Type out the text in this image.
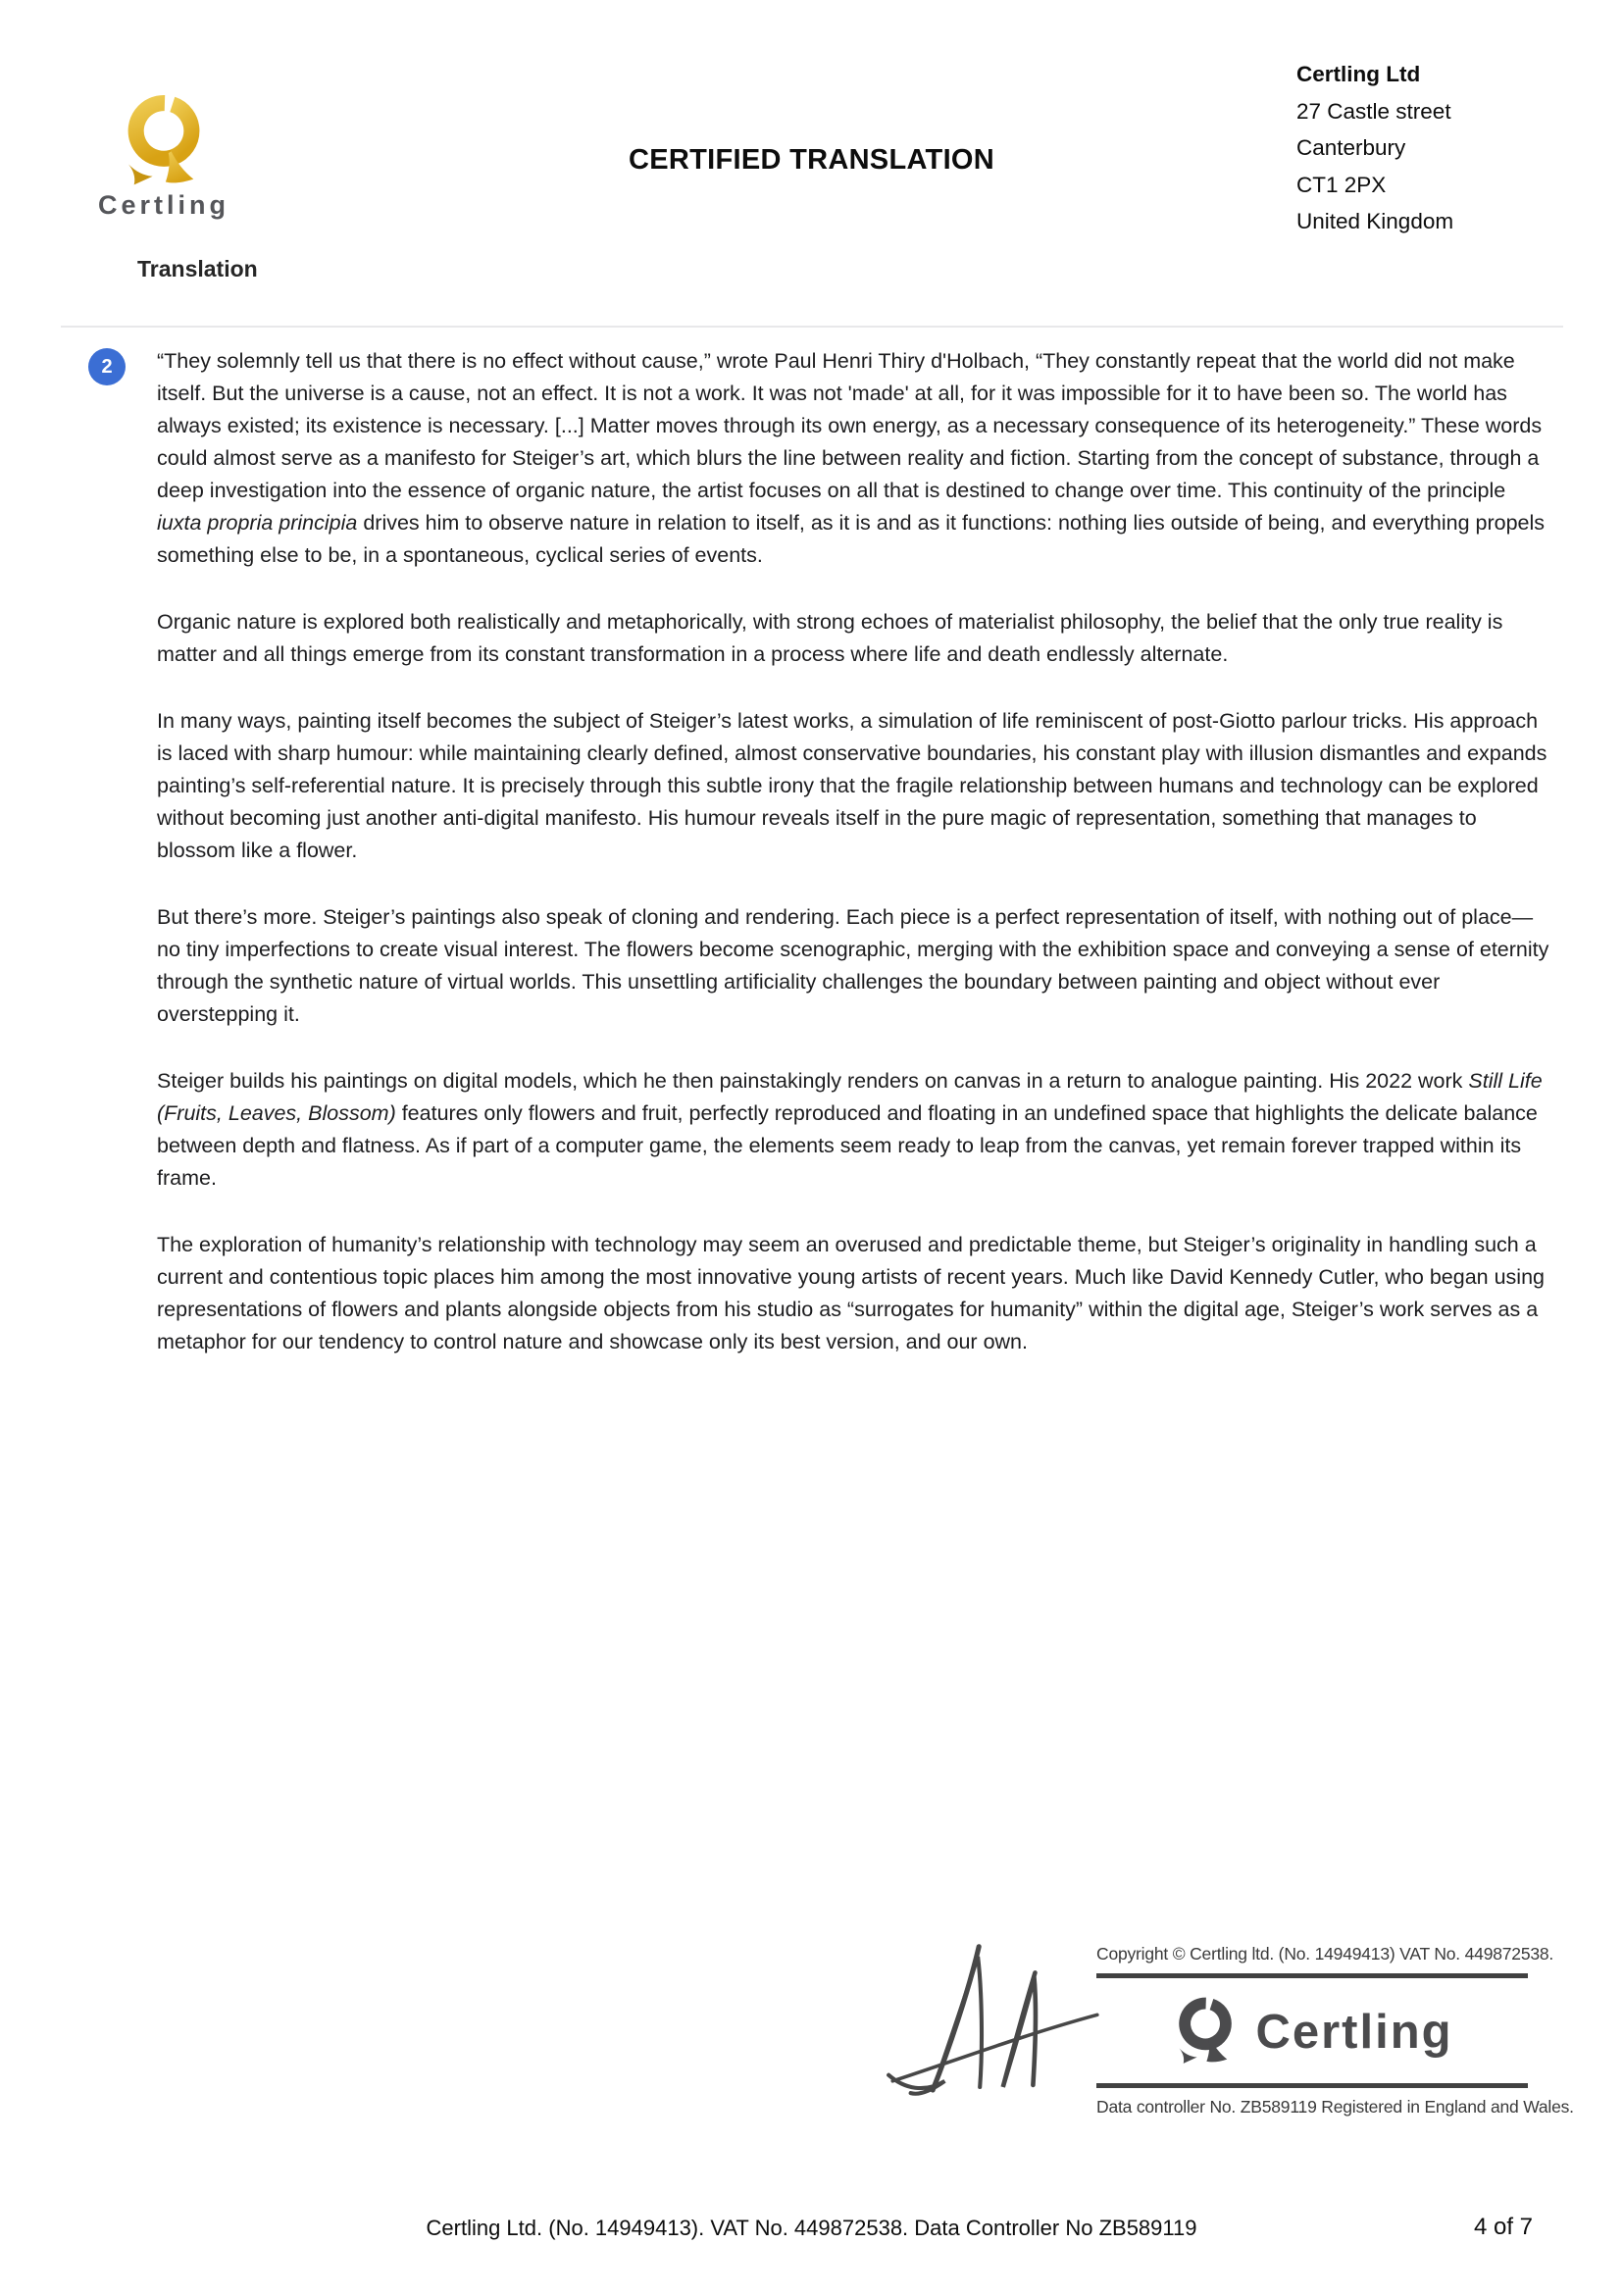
Certling
Translation
CERTIFIED TRANSLATION
Certling Ltd
27 Castle street
Canterbury
CT1 2PX
United Kingdom
2	“They solemnly tell us that there is no effect without cause,” wrote Paul Henri Thiry d'Holbach, “They constantly repeat that the world did not make itself. But the universe is a cause, not an effect. It is not a work. It was not 'made' at all, for it was impossible for it to have been so. The world has always existed; its existence is necessary. [...] Matter moves through its own energy, as a necessary consequence of its heterogeneity.” These words could almost serve as a manifesto for Steiger’s art, which blurs the line between reality and fiction. Starting from the concept of substance, through a deep investigation into the essence of organic nature, the artist focuses on all that is destined to change over time. This continuity of the principle iuxta propria principia drives him to observe nature in relation to itself, as it is and as it functions: nothing lies outside of being, and everything propels something else to be, in a spontaneous, cyclical series of events.

Organic nature is explored both realistically and metaphorically, with strong echoes of materialist philosophy, the belief that the only true reality is matter and all things emerge from its constant transformation in a process where life and death endlessly alternate.

In many ways, painting itself becomes the subject of Steiger’s latest works, a simulation of life reminiscent of post-Giotto parlour tricks. His approach is laced with sharp humour: while maintaining clearly defined, almost conservative boundaries, his constant play with illusion dismantles and expands painting’s self-referential nature. It is precisely through this subtle irony that the fragile relationship between humans and technology can be explored without becoming just another anti-digital manifesto. His humour reveals itself in the pure magic of representation, something that manages to blossom like a flower.

But there’s more. Steiger’s paintings also speak of cloning and rendering. Each piece is a perfect representation of itself, with nothing out of place—no tiny imperfections to create visual interest. The flowers become scenographic, merging with the exhibition space and conveying a sense of eternity through the synthetic nature of virtual worlds. This unsettling artificiality challenges the boundary between painting and object without ever overstepping it.

Steiger builds his paintings on digital models, which he then painstakingly renders on canvas in a return to analogue painting. His 2022 work Still Life (Fruits, Leaves, Blossom) features only flowers and fruit, perfectly reproduced and floating in an undefined space that highlights the delicate balance between depth and flatness. As if part of a computer game, the elements seem ready to leap from the canvas, yet remain forever trapped within its frame.

The exploration of humanity’s relationship with technology may seem an overused and predictable theme, but Steiger’s originality in handling such a current and contentious topic places him among the most innovative young artists of recent years. Much like David Kennedy Cutler, who began using representations of flowers and plants alongside objects from his studio as “surrogates for humanity” within the digital age, Steiger’s work serves as a metaphor for our tendency to control nature and showcase only its best version, and our own.

Copyright © Certling ltd. (No. 14949413) VAT No. 449872538.
Certling
Data controller No. ZB589119 Registered in England and Wales.
Certling Ltd. (No. 14949413). VAT No. 449872538. Data Controller No ZB589119	4 of 7
